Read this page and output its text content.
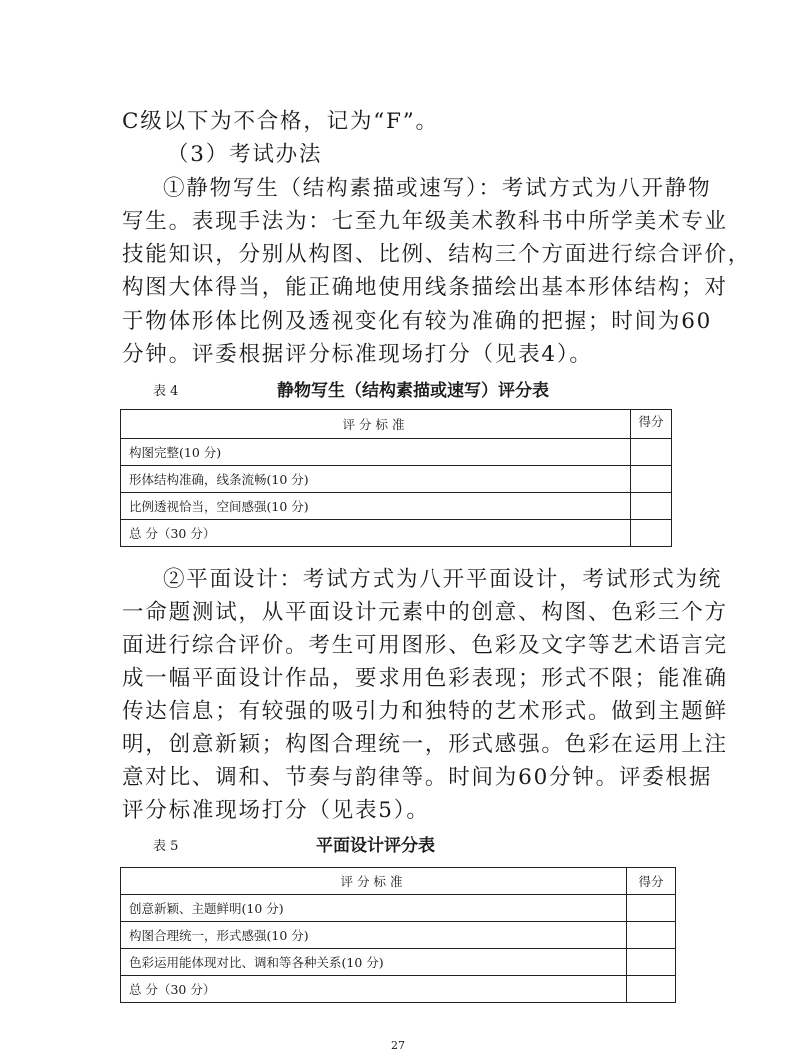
C级以下为不合格，记为“F”。

（3）考试办法

①静物写生（结构素描或速写）：考试方式为八开静物

写生。表现手法为：七至九年级美术教科书中所学美术专业

技能知识，分别从构图、比例、结构三个方面进行综合评价，

构图大体得当，能正确地使用线条描绘出基本形体结构；对

于物体形体比例及透视变化有较为准确的把握；时间为60

分钟。评委根据评分标准现场打分（见表4）。

表 4	静物写生（结构素描或速写）评分表

评分标准	得分
构图完整(10 分)	
形体结构准确，线条流畅(10 分)	
比例透视恰当，空间感强(10 分)	
总 分（30 分）	

②平面设计：考试方式为八开平面设计，考试形式为统

一命题测试，从平面设计元素中的创意、构图、色彩三个方

面进行综合评价。考生可用图形、色彩及文字等艺术语言完

成一幅平面设计作品，要求用色彩表现；形式不限；能准确

传达信息；有较强的吸引力和独特的艺术形式。做到主题鲜

明，创意新颖；构图合理统一，形式感强。色彩在运用上注

意对比、调和、节奏与韵律等。时间为60分钟。评委根据

评分标准现场打分（见表5）。

表 5	平面设计评分表

评分标准	得分
创意新颖、主题鲜明(10 分)	
构图合理统一，形式感强(10 分)	
色彩运用能体现对比、调和等各种关系(10 分)	
总 分（30 分）	

27
